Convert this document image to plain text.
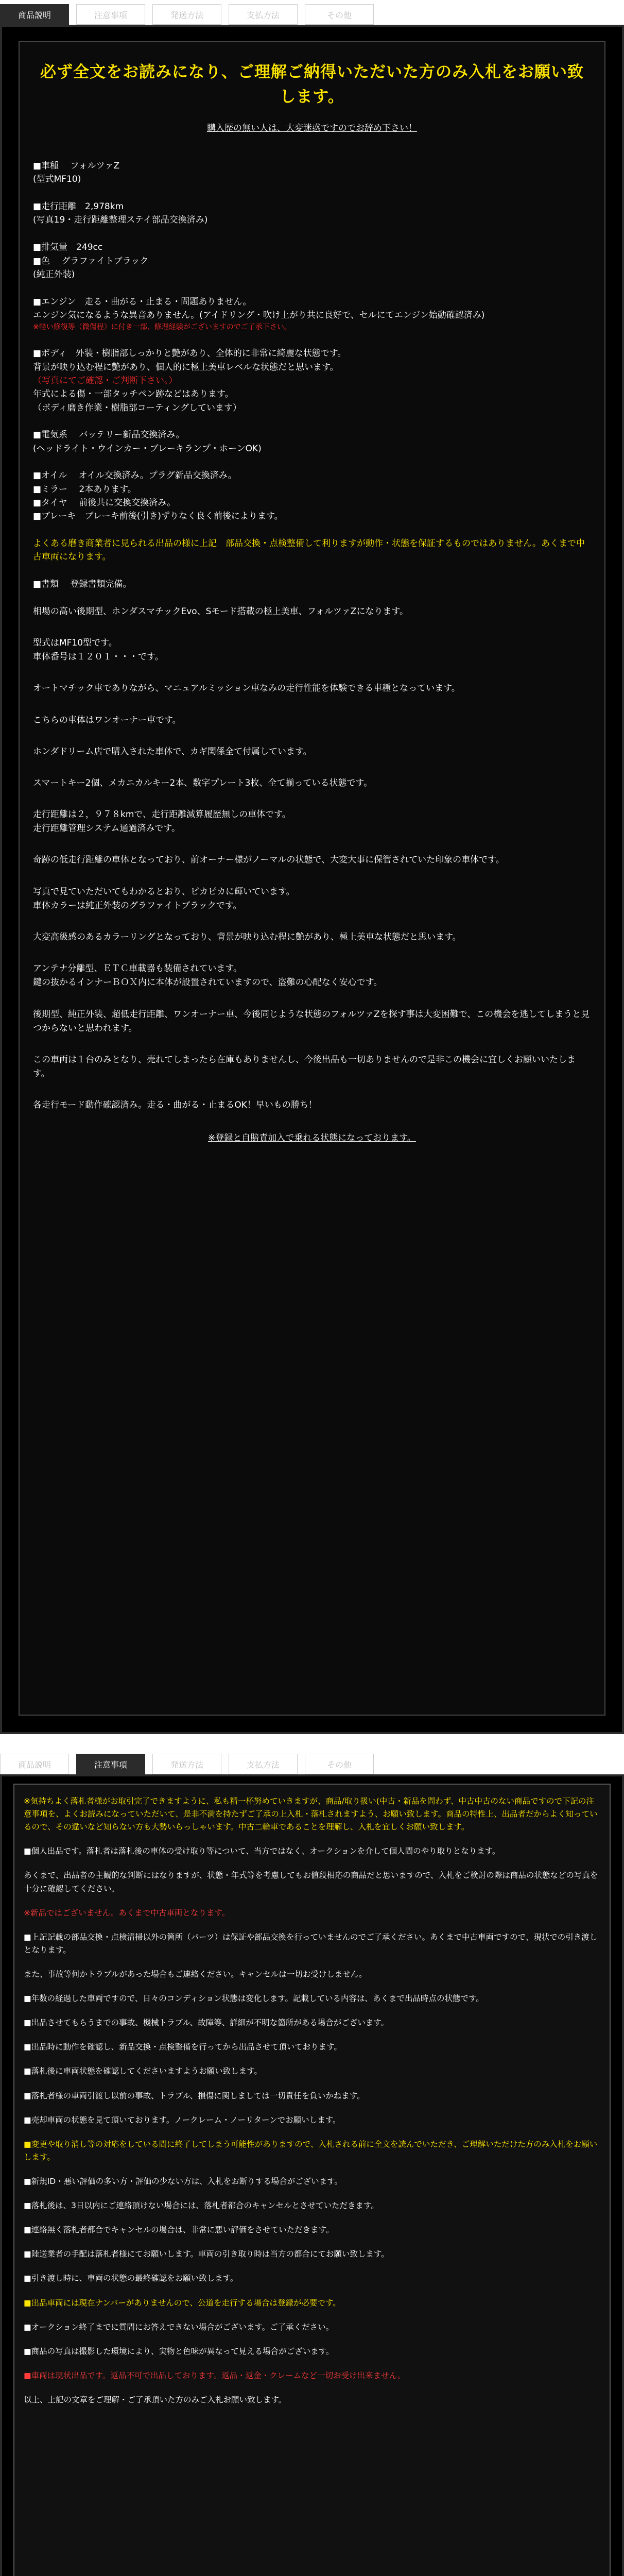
商品説明	注意事項	発送方法	支払方法	その他
必ず全文をお読みになり、ご理解ご納得いただいた方のみ入札をお願い致します。
購入歴の無い人は、大変迷惑ですのでお辞め下さい！

■車種　 フォルツァZ

(型式MF10)

■走行距離　2,978km

(写真19・走行距離整理ステイ部品交換済み)

■排気量　249cc

■色　 グラファイトブラック

(純正外装)

■エンジン　走る・曲がる・止まる・問題ありません。

エンジン気になるような異音ありません。(アイドリング・吹け上がり共に良好で、セルにてエンジン始動確認済み)

※軽い修復等（微傷程）に付き一部、修理経験がございますのでご了承下さい。

■ボディ　外装・樹脂部しっかりと艶があり、全体的に非常に綺麗な状態です。

背景が映り込む程に艶があり、個人的に極上美車レベルな状態だと思います。

（写真にてご確認・ご判断下さい。）

年式による傷・一部タッチペン跡などはあります。

（ボディ磨き作業・樹脂部コーティングしています）

■電気系　 バッテリー新品交換済み。

(ヘッドライト・ウインカー・ブレーキランプ・ホーンOK)

■オイル　 オイル交換済み。プラグ新品交換済み。

■ミラー　 2本あります。

■タイヤ　 前後共に交換交換済み。

■ブレーキ　ブレーキ前後(引き)ずりなく良く前後によります。

よくある磨き商業者に見られる出品の様に上記　部品交換・点検整備して利りますが動作・状態を保証するものではありません。あくまで中古車両になります。

■書類　 登録書類完備。

相場の高い後期型、ホンダスマチックEvo、Sモード搭載の極上美車、フォルツァZになります。

型式はMF10型です。
車体番号は１２０１・・・です。

オートマチック車でありながら、マニュアルミッション車なみの走行性能を体験できる車種となっています。

こちらの車体はワンオーナー車です。

ホンダドリーム店で購入された車体で、カギ関係全て付属しています。

スマートキー2個、メカニカルキー2本、数字プレート3枚、全て揃っている状態です。

走行距離は２，９７８kmで、走行距離減算履歴無しの車体です。
走行距離管理システム通過済みです。

奇跡の低走行距離の車体となっており、前オーナー様がノーマルの状態で、大変大事に保管されていた印象の車体です。

写真で見ていただいてもわかるとおり、ピカピカに輝いています。
車体カラーは純正外装のグラファイトブラックです。

大変高級感のあるカラーリングとなっており、背景が映り込む程に艶があり、極上美車な状態だと思います。

アンテナ分離型、ＥＴＣ車載器も装備されています。
鍵の抜かるインナーＢＯＸ内に本体が設置されていますので、盗難の心配なく安心です。

後期型、純正外装、超低走行距離、ワンオーナー車、今後同じような状態のフォルツァZを探す事は大変困難で、この機会を逃してしまうと見つからないと思われます。

この車両は１台のみとなり、売れてしまったら在庫もありませんし、今後出品も一切ありませんので是非この機会に宜しくお願いいたします。

各走行モード動作確認済み。走る・曲がる・止まるOK！早いもの勝ち！

※登録と自賠責加入で乗れる状態になっております。
商品説明	注意事項	発送方法	支払方法	その他

※気持ちよく落札者様がお取引完了できますように、私も精一杯努めていきますが、商品/取り扱い(中古・新品を問わず、中古中古のない商品ですので下記の注意事項を、よくお読みになっていただいて、是非不満を持たずご了承の上入札・落札されますよう、お願い致します。商品の特性上、出品者だからよく知っているので、その違いなど知らない方も大勢いらっしゃいます。中古二輪車であることを理解し、入札を宜しくお願い致します。

■個人出品です。落札者は落札後の車体の受け取り等について、当方ではなく、オークションを介して個人間のやり取りとなります。

あくまで、出品者の主観的な判断にはなりますが、状態・年式等を考慮してもお値段相応の商品だと思いますので、入札をご検討の際は商品の状態などの写真を十分に確認してください。

※新品ではございません。あくまで中古車両となります。

■上記記載の部品交換・点検清掃以外の箇所（パーツ）は保証や部品交換を行っていませんのでご了承ください。あくまで中古車両ですので、現状での引き渡しとなります。

また、事故等何かトラブルがあった場合もご連絡ください。キャンセルは一切お受けしません。

■年数の経過した車両ですので、日々のコンディション状態は変化します。記載している内容は、あくまで出品時点の状態です。

■出品させてもらうまでの事故、機械トラブル、故障等、詳細が不明な箇所がある場合がございます。

■出品時に動作を確認し、新品交換・点検整備を行ってから出品させて頂いております。

■落札後に車両状態を確認してくださいますようお願い致します。

■落札者様の車両引渡し以前の事故、トラブル、損傷に関しましては一切責任を負いかねます。

■売却車両の状態を見て頂いております。ノークレーム・ノーリターンでお願いします。

■変更や取り消し等の対応をしている間に終了してしまう可能性がありますので、入札される前に全文を読んでいただき、ご理解いただけた方のみ入札をお願いします。

■新規ID・悪い評価の多い方・評価の少ない方は、入札をお断りする場合がございます。

■落札後は、3日以内にご連絡頂けない場合には、落札者都合のキャンセルとさせていただきます。

■連絡無く落札者都合でキャンセルの場合は、非常に悪い評価をさせていただきます。

■陸送業者の手配は落札者様にてお願いします。車両の引き取り時は当方の都合にてお願い致します。

■引き渡し時に、車両の状態の最終確認をお願い致します。

■出品車両には現在ナンバーがありませんので、公道を走行する場合は登録が必要です。

■オークション終了までに質問にお答えできない場合がございます。ご了承ください。

■商品の写真は撮影した環境により、実物と色味が異なって見える場合がございます。

■車両は現状出品です。返品不可で出品しております。返品・返金・クレームなど一切お受け出来ません。

以上、上記の文章をご理解・ご了承頂いた方のみご入札お願い致します。
